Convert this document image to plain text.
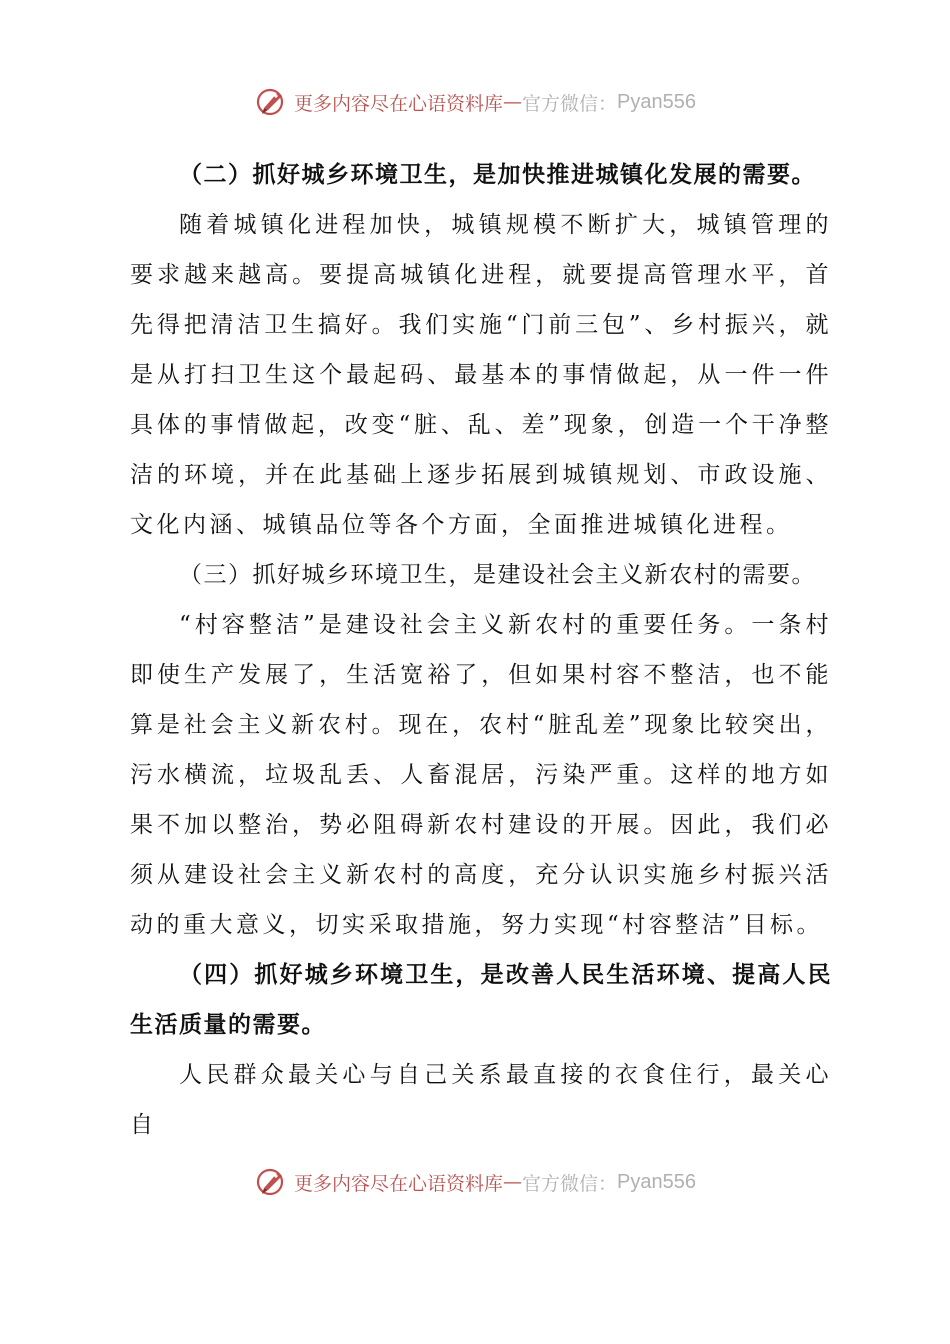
更多内容尽在心语资料库 — 官方微信： Pyan556

（二）抓好城乡环境卫生，是加快推进城镇化发展的需要。

随着城镇化进程加快，城镇规模不断扩大，城镇管理的要求越来越高。要提高城镇化进程，就要提高管理水平，首先得把清洁卫生搞好。我们实施“门前三包”、乡村振兴，就是从打扫卫生这个最起码、最基本的事情做起，从一件一件具体的事情做起，改变“脏、乱、差”现象，创造一个干净整洁的环境，并在此基础上逐步拓展到城镇规划、市政设施、文化内涵、城镇品位等各个方面，全面推进城镇化进程。

（三）抓好城乡环境卫生，是建设社会主义新农村的需要。

“村容整洁”是建设社会主义新农村的重要任务。一条村即使生产发展了，生活宽裕了，但如果村容不整洁，也不能算是社会主义新农村。现在，农村“脏乱差”现象比较突出，污水横流，垃圾乱丢、人畜混居，污染严重。这样的地方如果不加以整治，势必阻碍新农村建设的开展。因此，我们必须从建设社会主义新农村的高度，充分认识实施乡村振兴活动的重大意义，切实采取措施，努力实现“村容整洁”目标。

（四）抓好城乡环境卫生，是改善人民生活环境、提高人民生活质量的需要。

人民群众最关心与自己关系最直接的衣食住行，最关心自

更多内容尽在心语资料库 — 官方微信： Pyan556
